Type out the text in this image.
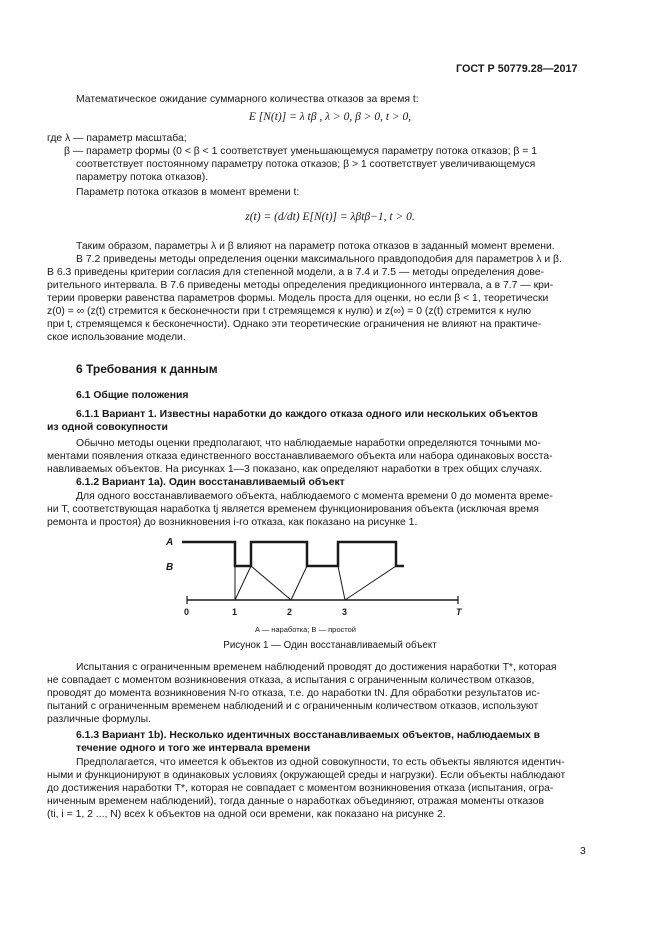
ГОСТ Р 50779.28—2017
Математическое ожидание суммарного количества отказов за время t:
E [N(t)] = λ tβ , λ > 0, β > 0, t > 0,
где λ — параметр масштаба;
β — параметр формы (0 < β < 1 соответствует уменьшающемуся параметру потока отказов; β = 1
соответствует постоянному параметру потока отказов; β > 1 соответствует увеличивающемуся
параметру потока отказов).
Параметр потока отказов в момент времени t:
z(t) = (d/dt) E[N(t)] = λβtβ−1, t > 0.
Таким образом, параметры λ и β влияют на параметр потока отказов в заданный момент времени.
В 7.2 приведены методы определения оценки максимального правдоподобия для параметров λ и β.
В 6.3 приведены критерии согласия для степенной модели, а в 7.4 и 7.5 — методы определения дове-
рительного интервала. В 7.6 приведены методы определения предикционного интервала, а в 7.7 — кри-
терии проверки равенства параметров формы. Модель проста для оценки, но если β < 1, теоретически
z(0) = ∞ (z(t) стремится к бесконечности при t стремящемся к нулю) и z(∞) = 0 (z(t) стремится к нулю
при t, стремящемся к бесконечности). Однако эти теоретические ограничения не влияют на практиче-
ское использование модели.
6 Требования к данным
6.1 Общие положения
6.1.1 Вариант 1. Известны наработки до каждого отказа одного или нескольких объектов
из одной совокупности
Обычно методы оценки предполагают, что наблюдаемые наработки определяются точными мо-
ментами появления отказа единственного восстанавливаемого объекта или набора одинаковых восста-
навливаемых объектов. На рисунках 1—3 показано, как определяют наработки в трех общих случаях.
6.1.2 Вариант 1а). Один восстанавливаемый объект
Для одного восстанавливаемого объекта, наблюдаемого с момента времени 0 до момента време-
ни T, соответствующая наработка tj является временем функционирования объекта (исключая время
ремонта и простоя) до возникновения i-го отказа, как показано на рисунке 1.
A
B
0	1	2	3	T
A — наработка; B — простой
Рисунок 1 — Один восстанавливаемый объект
Испытания с ограниченным временем наблюдений проводят до достижения наработки T*, которая
не совпадает с моментом возникновения отказа, а испытания с ограниченным количеством отказов,
проводят до момента возникновения N-го отказа, т.е. до наработки tN. Для обработки результатов ис-
пытаний с ограниченным временем наблюдений и с ограниченным количеством отказов, используют
различные формулы.
6.1.3 Вариант 1b). Несколько идентичных восстанавливаемых объектов, наблюдаемых в
течение одного и того же интервала времени
Предполагается, что имеется k объектов из одной совокупности, то есть объекты являются идентич-
ными и функционируют в одинаковых условиях (окружающей среды и нагрузки). Если объекты наблюдают
до достижения наработки T*, которая не совпадает с моментом возникновения отказа (испытания, огра-
ниченным временем наблюдений), тогда данные о наработках объединяют, отражая моменты отказов
(ti, i = 1, 2 ..., N) всех k объектов на одной оси времени, как показано на рисунке 2.
3
